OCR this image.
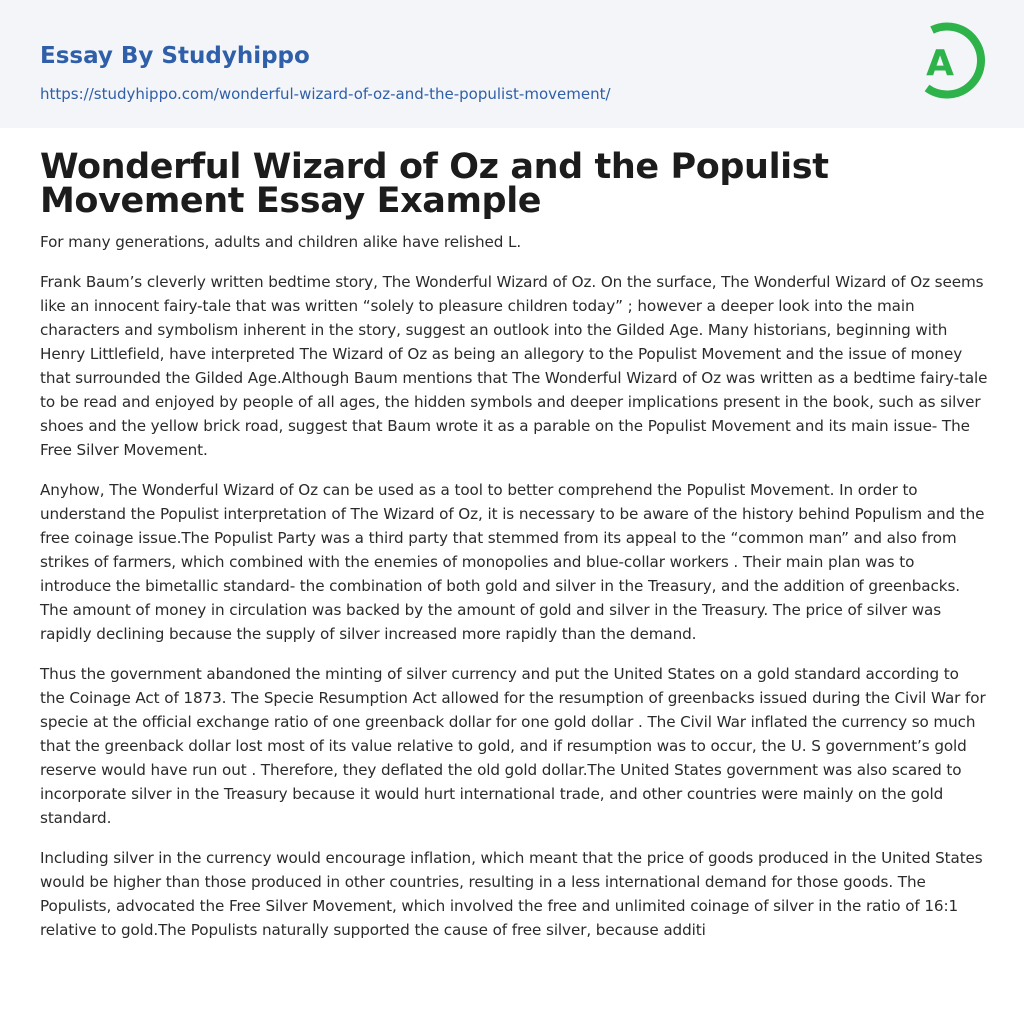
Essay By Studyhippo
https://studyhippo.com/wonderful-wizard-of-oz-and-the-populist-movement/
A
Wonderful Wizard of Oz and the Populist Movement Essay Example

For many generations, adults and children alike have relished L.

Frank Baum’s cleverly written bedtime story, The Wonderful Wizard of Oz. On the surface, The Wonderful Wizard of Oz seems like an innocent fairy-tale that was written “solely to pleasure children today” ; however a deeper look into the main characters and symbolism inherent in the story, suggest an outlook into the Gilded Age. Many historians, beginning with Henry Littlefield, have interpreted The Wizard of Oz as being an allegory to the Populist Movement and the issue of money that surrounded the Gilded Age.Although Baum mentions that The Wonderful Wizard of Oz was written as a bedtime fairy-tale to be read and enjoyed by people of all ages, the hidden symbols and deeper implications present in the book, such as silver shoes and the yellow brick road, suggest that Baum wrote it as a parable on the Populist Movement and its main issue- The Free Silver Movement.

Anyhow, The Wonderful Wizard of Oz can be used as a tool to better comprehend the Populist Movement. In order to understand the Populist interpretation of The Wizard of Oz, it is necessary to be aware of the history behind Populism and the free coinage issue.The Populist Party was a third party that stemmed from its appeal to the “common man” and also from strikes of farmers, which combined with the enemies of monopolies and blue-collar workers . Their main plan was to introduce the bimetallic standard- the combination of both gold and silver in the Treasury, and the addition of greenbacks. The amount of money in circulation was backed by the amount of gold and silver in the Treasury. The price of silver was rapidly declining because the supply of silver increased more rapidly than the demand.

Thus the government abandoned the minting of silver currency and put the United States on a gold standard according to the Coinage Act of 1873. The Specie Resumption Act allowed for the resumption of greenbacks issued during the Civil War for specie at the official exchange ratio of one greenback dollar for one gold dollar . The Civil War inflated the currency so much that the greenback dollar lost most of its value relative to gold, and if resumption was to occur, the U. S government’s gold reserve would have run out . Therefore, they deflated the old gold dollar.The United States government was also scared to incorporate silver in the Treasury because it would hurt international trade, and other countries were mainly on the gold standard.

Including silver in the currency would encourage inflation, which meant that the price of goods produced in the United States would be higher than those produced in other countries, resulting in a less international demand for those goods. The Populists, advocated the Free Silver Movement, which involved the free and unlimited coinage of silver in the ratio of 16:1 relative to gold.The Populists naturally supported the cause of free silver, because additi
